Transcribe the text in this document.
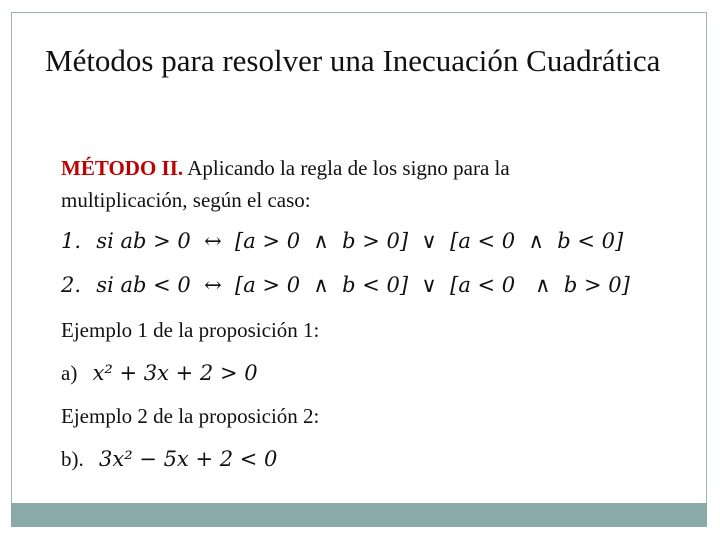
Métodos para resolver una Inecuación Cuadrática
MÉTODO II. Aplicando la regla de los signo para la
multiplicación, según el caso:
1. si ab > 0  ↔  [a > 0  ∧  b > 0]  ∨  [a < 0  ∧  b < 0]
2. si ab < 0  ↔  [a > 0  ∧  b < 0]  ∨  [a < 0   ∧  b > 0]
Ejemplo 1 de la proposición 1:
a) x² + 3x + 2 > 0
Ejemplo 2 de la proposición 2:
b). 3x² − 5x + 2 < 0
